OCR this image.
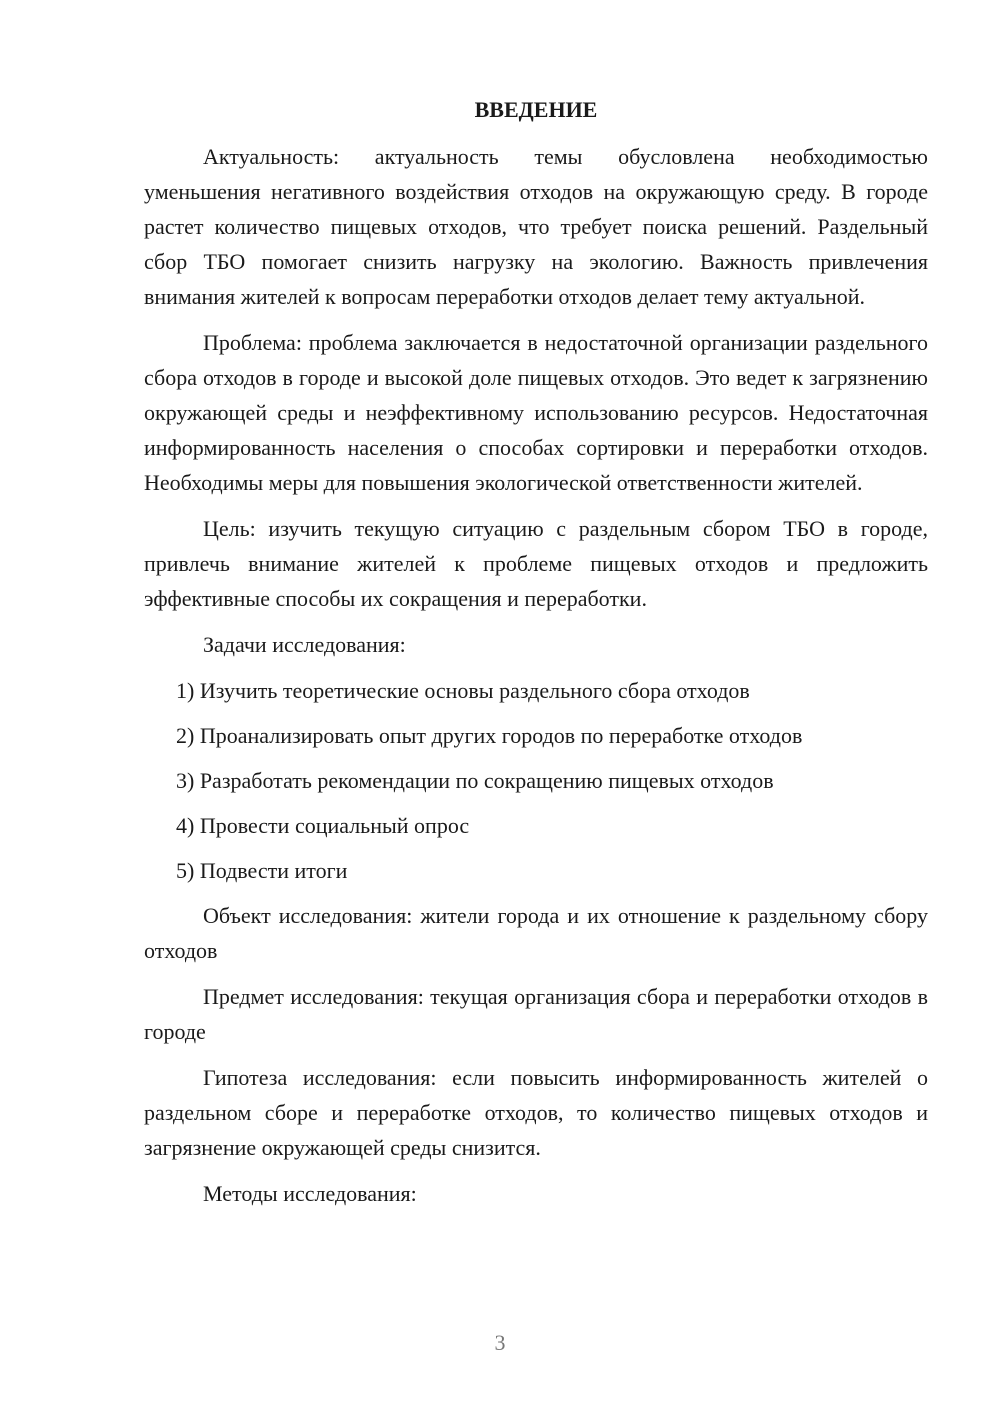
ВВЕДЕНИЕ

Актуальность: актуальность темы обусловлена необходимостью уменьшения негативного воздействия отходов на окружающую среду. В городе растет количество пищевых отходов, что требует поиска решений. Раздельный сбор ТБО помогает снизить нагрузку на экологию. Важность привлечения внимания жителей к вопросам переработки отходов делает тему актуальной.

Проблема: проблема заключается в недостаточной организации раздельного сбора отходов в городе и высокой доле пищевых отходов. Это ведет к загрязнению окружающей среды и неэффективному использованию ресурсов. Недостаточная информированность населения о способах сортировки и переработки отходов. Необходимы меры для повышения экологической ответственности жителей.

Цель: изучить текущую ситуацию с раздельным сбором ТБО в городе, привлечь внимание жителей к проблеме пищевых отходов и предложить эффективные способы их сокращения и переработки.

Задачи исследования:

1) Изучить теоретические основы раздельного сбора отходов
2) Проанализировать опыт других городов по переработке отходов
3) Разработать рекомендации по сокращению пищевых отходов
4) Провести социальный опрос
5) Подвести итоги

Объект исследования: жители города и их отношение к раздельному сбору отходов

Предмет исследования: текущая организация сбора и переработки отходов в городе

Гипотеза исследования: если повысить информированность жителей о раздельном сборе и переработке отходов, то количество пищевых отходов и загрязнение окружающей среды снизится.

Методы исследования:

3
